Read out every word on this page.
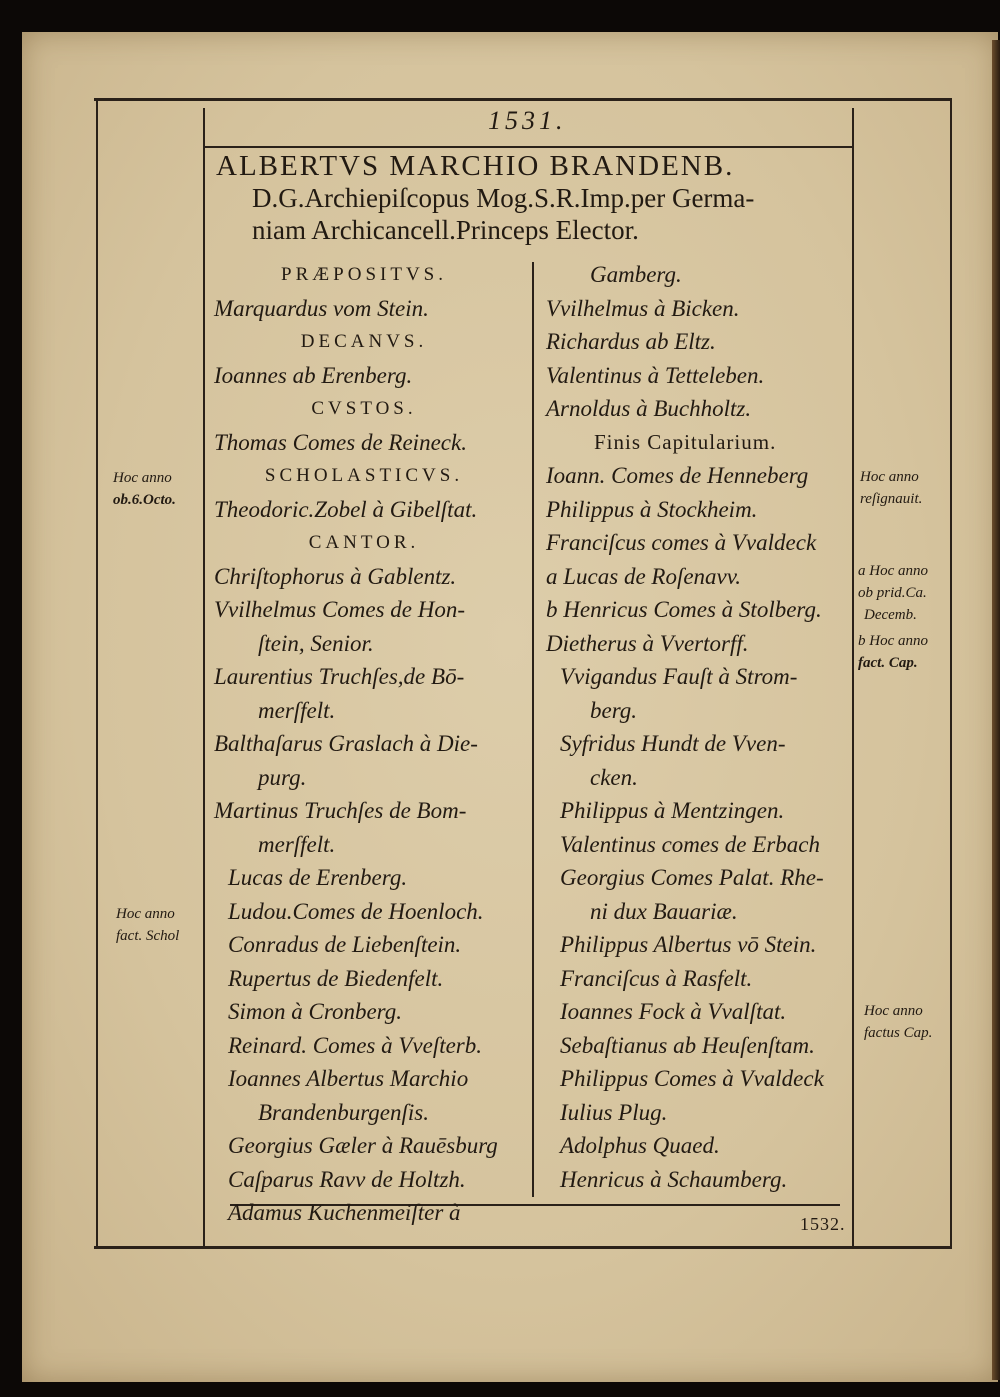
1531.
ALBERTVS MARCHIO BRANDENB.
D.G.Archiepiſcopus Mog.S.R.Imp.per Germa-
niam Archicancell.Princeps Elector.
PRÆPOSITVS.
Marquardus vom Stein.
DECANVS.
Ioannes ab Erenberg.
CVSTOS.
Thomas Comes de Reineck.
SCHOLASTICVS.
Theodoric.Zobel à Gibelſtat.
CANTOR.
Chriſtophorus à Gablentz.
Vvilhelmus Comes de Hon-
ſtein, Senior.
Laurentius Truchſes,de Bō-
merſfelt.
Balthaſarus Graslach à Die-
purg.
Martinus Truchſes de Bom-
merſfelt.
Lucas de Erenberg.
Ludou.Comes de Hoenloch.
Conradus de Liebenſtein.
Rupertus de Biedenfelt.
Simon à Cronberg.
Reinard. Comes à Vveſterb.
Ioannes Albertus Marchio
Brandenburgenſis.
Georgius Gæler à Rauēsburg
Caſparus Ravv de Holtzh.
Adamus Kuchenmeiſter à
Gamberg.
Vvilhelmus à Bicken.
Richardus ab Eltz.
Valentinus à Tetteleben.
Arnoldus à Buchholtz.
Finis Capitularium.
Ioann. Comes de Henneberg
Philippus à Stockheim.
Franciſcus comes à Vvaldeck
a Lucas de Roſenavv.
b Henricus Comes à Stolberg.
Dietherus à Vvertorff.
Vvigandus Fauſt à Strom-
berg.
Syfridus Hundt de Vven-
cken.
Philippus à Mentzingen.
Valentinus comes de Erbach
Georgius Comes Palat. Rhe-
ni dux Bauariæ.
Philippus Albertus vō Stein.
Franciſcus à Rasfelt.
Ioannes Fock à Vvalſtat.
Sebaſtianus ab Heuſenſtam.
Philippus Comes à Vvaldeck
Iulius Plug.
Adolphus Quaed.
Henricus à Schaumberg.
Hoc anno
ob.6.Octo.
Hoc anno
fact. Schol
Hoc anno
reſignauit.
a Hoc anno
ob prid.Ca.
Decemb.
b Hoc anno
fact. Cap.
Hoc anno
factus Cap.
1532.
